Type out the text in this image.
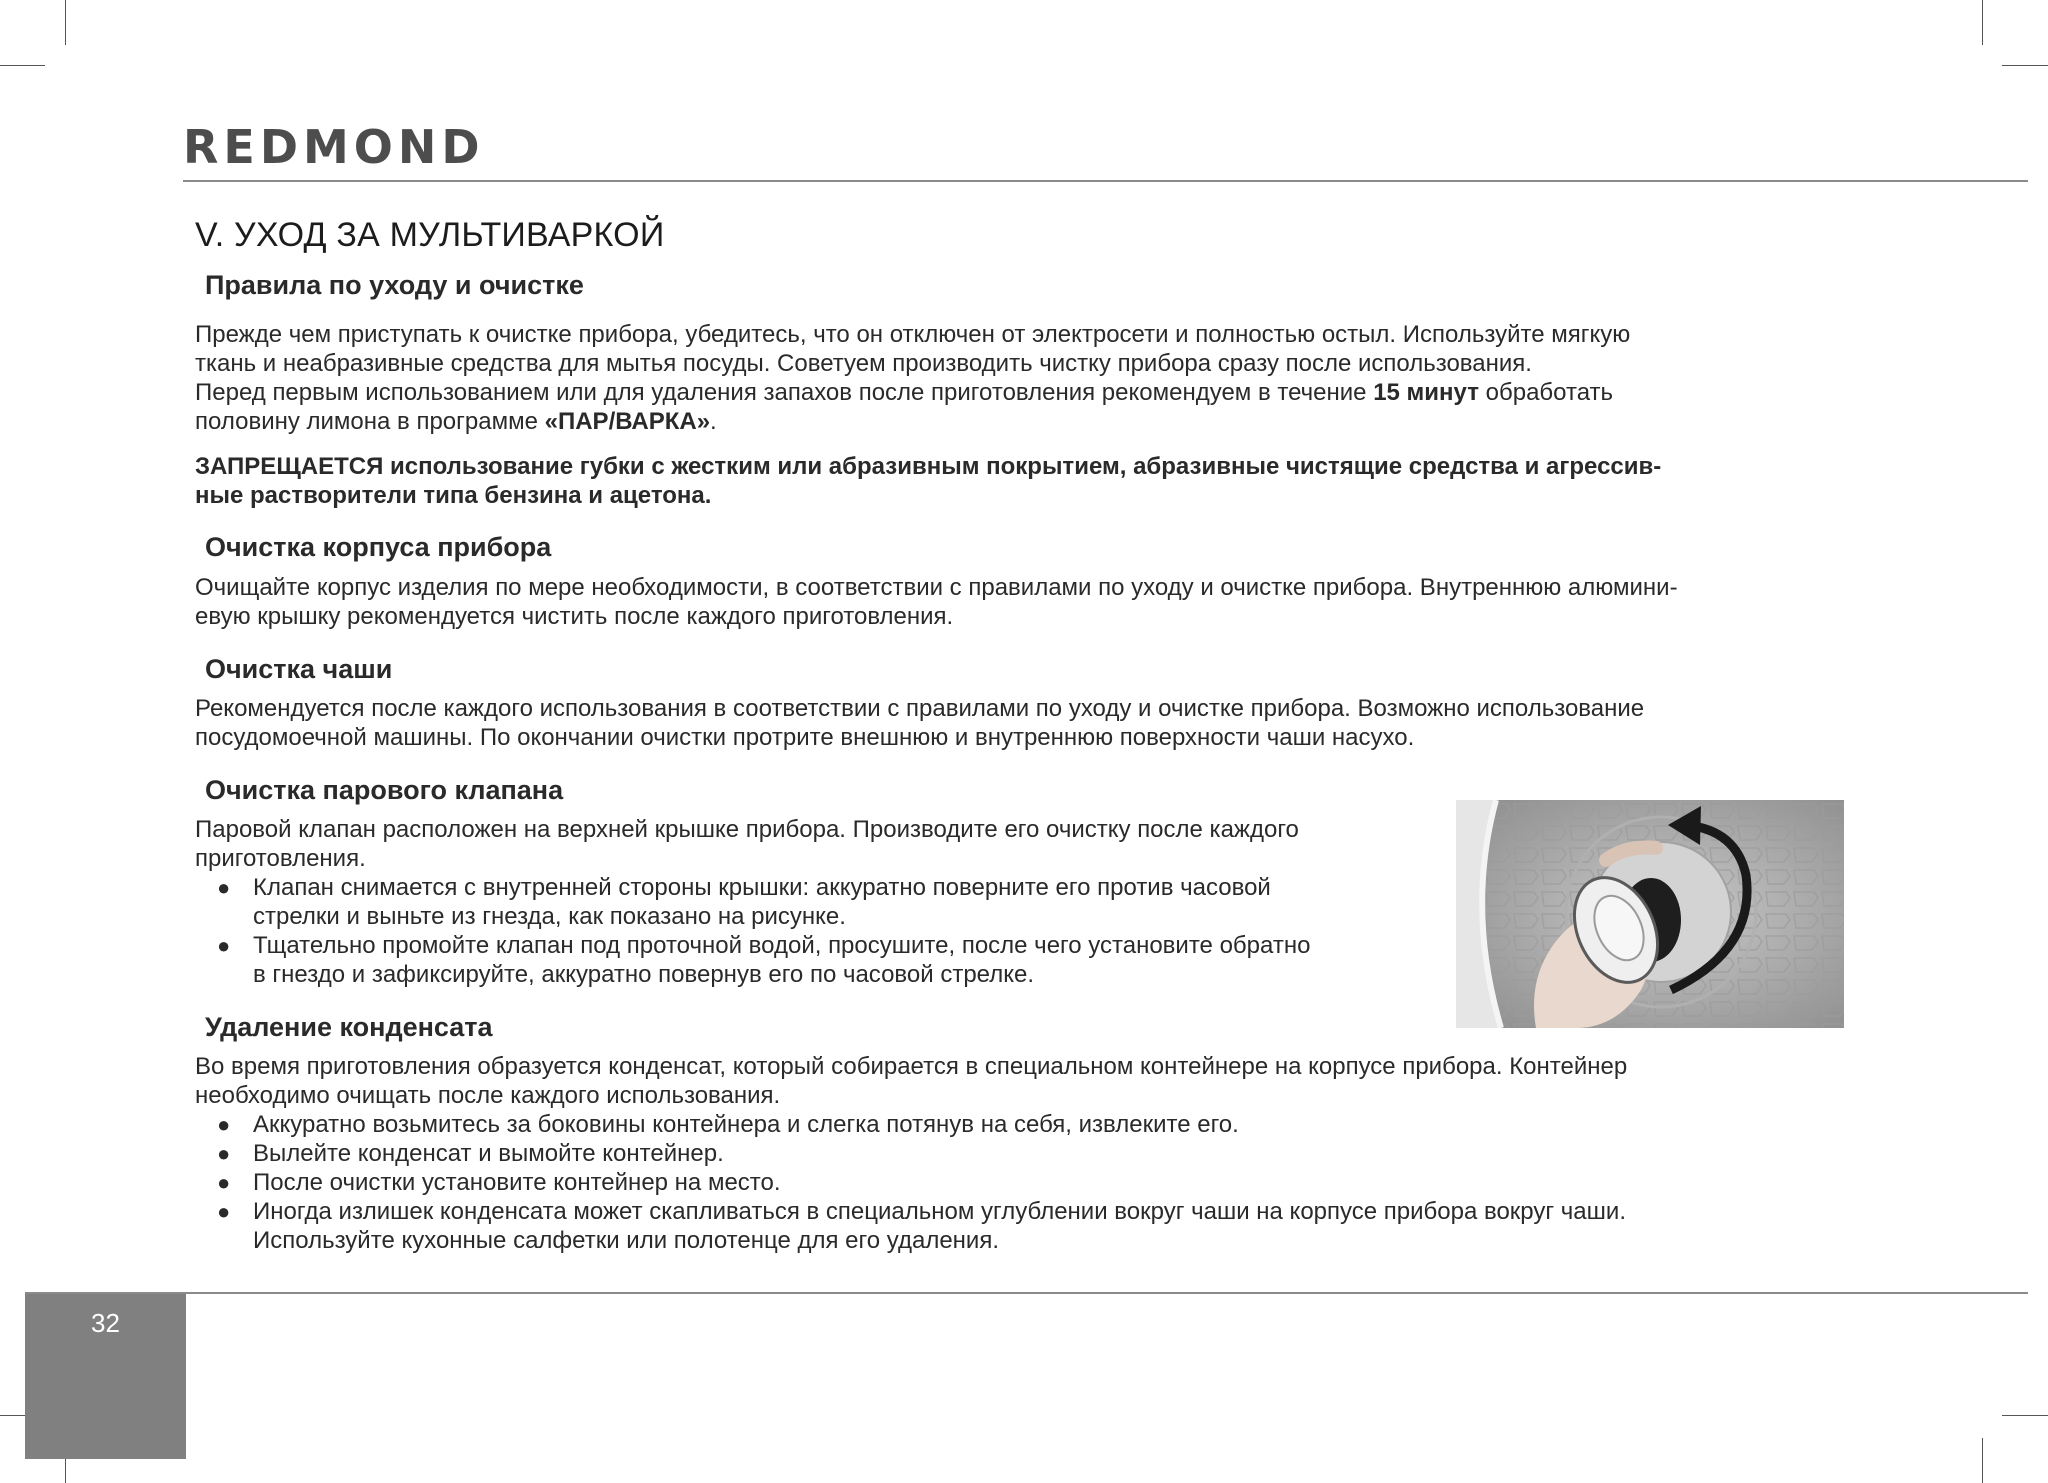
REDMOND
V. УХОД ЗА МУЛЬТИВАРКОЙ
Правила по уходу и очистке
Прежде чем приступать к очистке прибора, убедитесь, что он отключен от электросети и полностью остыл. Используйте мягкую
ткань и неабразивные средства для мытья посуды. Советуем производить чистку прибора сразу после использования.
Перед первым использованием или для удаления запахов после приготовления рекомендуем в течение 15 минут обработать
половину лимона в программе «ПАР/ВАРКА».
ЗАПРЕЩАЕТСЯ использование губки с жестким или абразивным покрытием, абразивные чистящие средства и агрессив-
ные растворители типа бензина и ацетона.
Очистка корпуса прибора
Очищайте корпус изделия по мере необходимости, в соответствии с правилами по уходу и очистке прибора. Внутреннюю алюмини-
евую крышку рекомендуется чистить после каждого приготовления.
Очистка чаши
Рекомендуется после каждого использования в соответствии с правилами по уходу и очистке прибора. Возможно использование
посудомоечной машины. По окончании очистки протрите внешнюю и внутреннюю поверхности чаши насухо.
Очистка парового клапана
Паровой клапан расположен на верхней крышке прибора. Производите его очистку после каждого
приготовления.
● Клапан снимается с внутренней стороны крышки: аккуратно поверните его против часовой
стрелки и выньте из гнезда, как показано на рисунке.
● Тщательно промойте клапан под проточной водой, просушите, после чего установите обратно
в гнездо и зафиксируйте, аккуратно повернув его по часовой стрелке.
Удаление конденсата
Во время приготовления образуется конденсат, который собирается в специальном контейнере на корпусе прибора. Контейнер
необходимо очищать после каждого использования.
● Аккуратно возьмитесь за боковины контейнера и слегка потянув на себя, извлеките его.
● Вылейте конденсат и вымойте контейнер.
● После очистки установите контейнер на место.
● Иногда излишек конденсата может скапливаться в специальном углублении вокруг чаши на корпусе прибора вокруг чаши.
Используйте кухонные салфетки или полотенце для его удаления.
32
